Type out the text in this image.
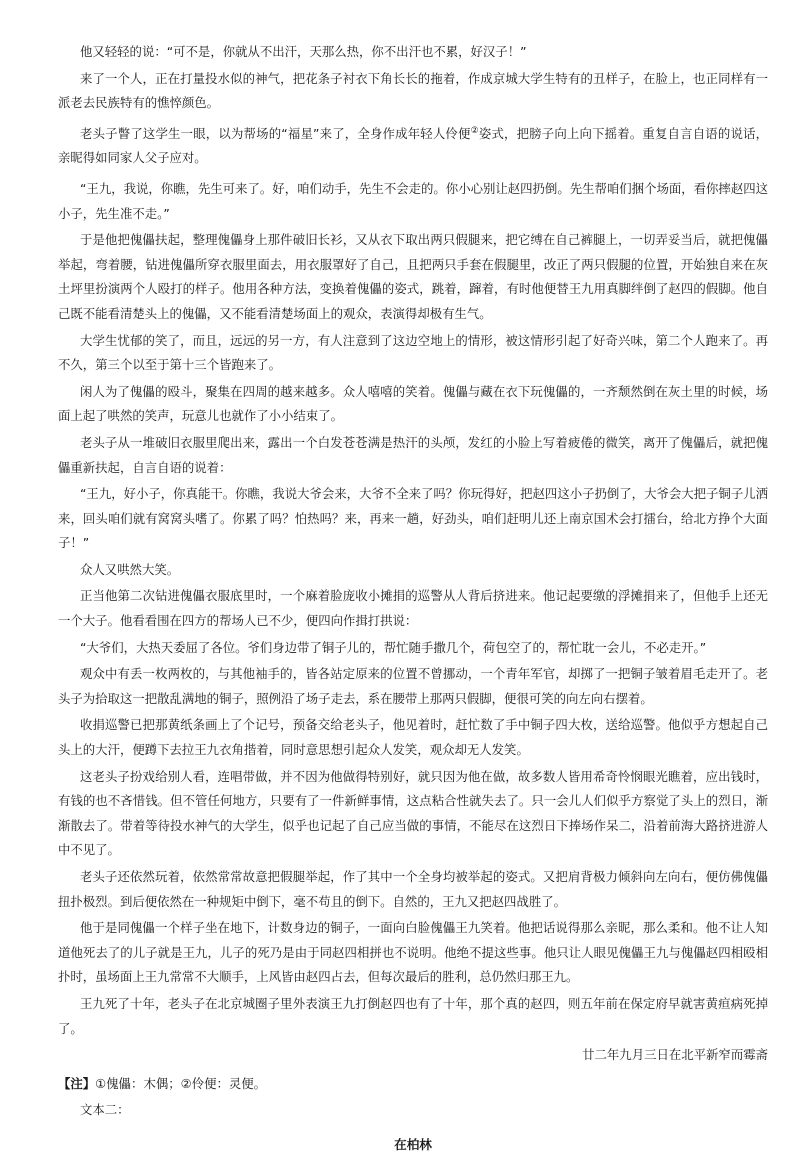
他又轻轻的说：“可不是，你就从不出汗，天那么热，你不出汗也不累，好汉子！”

来了一个人，正在打量投水似的神气，把花条子衬衣下角长长的拖着，作成京城大学生特有的丑样子，在脸上，也正同样有一派老去民族特有的憔悴颜色。

老头子瞥了这学生一眼，以为帮场的“福星”来了，全身作成年轻人伶便②姿式，把膀子向上向下摇着。重复自言自语的说话，亲昵得如同家人父子应对。

“王九，我说，你瞧，先生可来了。好，咱们动手，先生不会走的。你小心别让赵四扔倒。先生帮咱们捆个场面，看你摔赵四这小子，先生准不走。”

于是他把傀儡扶起，整理傀儡身上那件破旧长衫，又从衣下取出两只假腿来，把它缚在自己裤腿上，一切弄妥当后，就把傀儡举起，弯着腰，钻进傀儡所穿衣服里面去，用衣服罩好了自己，且把两只手套在假腿里，改正了两只假腿的位置，开始独自来在灰土坪里扮演两个人殴打的样子。他用各种方法，变换着傀儡的姿式，跳着，蹿着，有时他便替王九用真脚绊倒了赵四的假脚。他自己既不能看清楚头上的傀儡，又不能看清楚场面上的观众，表演得却极有生气。

大学生忧郁的笑了，而且，远远的另一方，有人注意到了这边空地上的情形，被这情形引起了好奇兴味，第二个人跑来了。再不久，第三个以至于第十三个皆跑来了。

闲人为了傀儡的殴斗，聚集在四周的越来越多。众人嘻嘻的笑着。傀儡与藏在衣下玩傀儡的，一齐颓然倒在灰土里的时候，场面上起了哄然的笑声，玩意儿也就作了小小结束了。

老头子从一堆破旧衣服里爬出来，露出一个白发苍苍满是热汗的头颅，发红的小脸上写着疲倦的微笑，离开了傀儡后，就把傀儡重新扶起，自言自语的说着：

“王九，好小子，你真能干。你瞧，我说大爷会来，大爷不全来了吗？你玩得好，把赵四这小子扔倒了，大爷会大把子铜子儿洒来，回头咱们就有窝窝头嗜了。你累了吗？怕热吗？来，再来一趟，好劲头，咱们赶明儿还上南京国术会打擂台，给北方挣个大面子！”

众人又哄然大笑。

正当他第二次钻进傀儡衣服底里时，一个麻着脸庞收小摊捐的巡警从人背后挤进来。他记起要缴的浮摊捐来了，但他手上还无一个大子。他看看围在四方的帮场人已不少，便四向作揖打拱说：

“大爷们，大热天委屈了各位。爷们身边带了铜子儿的，帮忙随手撒几个，荷包空了的，帮忙耽一会儿，不必走开。”

观众中有丢一枚两枚的，与其他袖手的，皆各站定原来的位置不曾挪动，一个青年军官，却掷了一把铜子皱着眉毛走开了。老头子为拾取这一把散乱满地的铜子，照例沿了场子走去，系在腰带上那两只假脚，便很可笑的向左向右摆着。

收捐巡警已把那黄纸条画上了个记号，预备交给老头子，他见着时，赶忙数了手中铜子四大枚，送给巡警。他似乎方想起自己头上的大汗，便蹲下去拉王九衣角揩着，同时意思想引起众人发笑，观众却无人发笑。

这老头子扮戏给别人看，连唱带做，并不因为他做得特别好，就只因为他在做，故多数人皆用希奇怜悯眼光瞧着，应出钱时，有钱的也不吝惜钱。但不管任何地方，只要有了一件新鲜事情，这点粘合性就失去了。只一会儿人们似乎方察觉了头上的烈日，渐渐散去了。带着等待投水神气的大学生，似乎也记起了自己应当做的事情，不能尽在这烈日下捧场作呆二，沿着前海大路挤进游人中不见了。

老头子还依然玩着，依然常常故意把假腿举起，作了其中一个全身均被举起的姿式。又把肩背极力倾斜向左向右，便仿佛傀儡扭扑极烈。到后便依然在一种规矩中倒下，毫不苟且的倒下。自然的，王九又把赵四战胜了。

他于是同傀儡一个样子坐在地下，计数身边的铜子，一面向白脸傀儡王九笑着。他把话说得那么亲昵，那么柔和。他不让人知道他死去了的儿子就是王九，儿子的死乃是由于同赵四相拼也不说明。他绝不提这些事。他只让人眼见傀儡王九与傀儡赵四相殴相扑时，虽场面上王九常常不大顺手，上风皆由赵四占去，但每次最后的胜利，总仍然归那王九。

王九死了十年，老头子在北京城圈子里外表演王九打倒赵四也有了十年，那个真的赵四，则五年前在保定府早就害黄疸病死掉了。

廿二年九月三日在北平新窄而霉斋

【注】①傀儡：木偶；②伶便：灵便。

文本二：

在柏林
